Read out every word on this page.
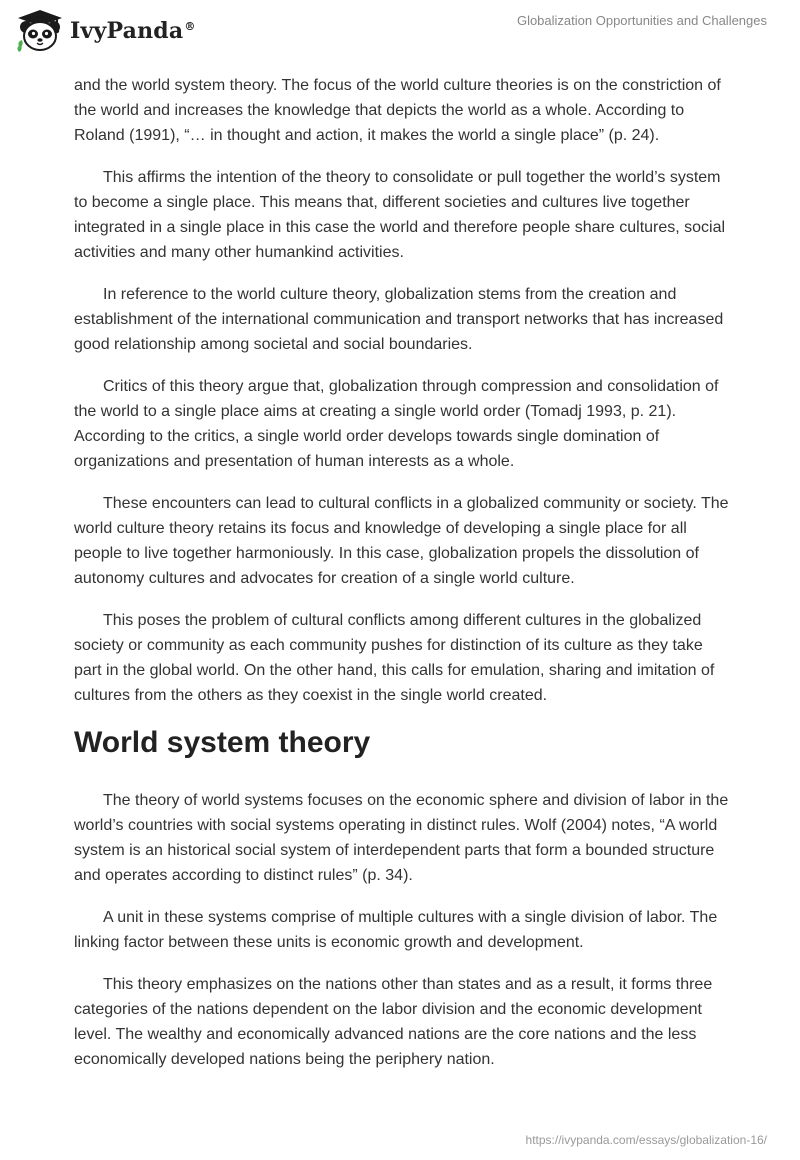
IvyPanda®	Globalization Opportunities and Challenges

and the world system theory. The focus of the world culture theories is on the constriction of the world and increases the knowledge that depicts the world as a whole. According to Roland (1991), “… in thought and action, it makes the world a single place” (p. 24).

This affirms the intention of the theory to consolidate or pull together the world’s system to become a single place. This means that, different societies and cultures live together integrated in a single place in this case the world and therefore people share cultures, social activities and many other humankind activities.

In reference to the world culture theory, globalization stems from the creation and establishment of the international communication and transport networks that has increased good relationship among societal and social boundaries.

Critics of this theory argue that, globalization through compression and consolidation of the world to a single place aims at creating a single world order (Tomadj 1993, p. 21). According to the critics, a single world order develops towards single domination of organizations and presentation of human interests as a whole.

These encounters can lead to cultural conflicts in a globalized community or society. The world culture theory retains its focus and knowledge of developing a single place for all people to live together harmoniously. In this case, globalization propels the dissolution of autonomy cultures and advocates for creation of a single world culture.

This poses the problem of cultural conflicts among different cultures in the globalized society or community as each community pushes for distinction of its culture as they take part in the global world. On the other hand, this calls for emulation, sharing and imitation of cultures from the others as they coexist in the single world created.

World system theory

The theory of world systems focuses on the economic sphere and division of labor in the world’s countries with social systems operating in distinct rules. Wolf (2004) notes, “A world system is an historical social system of interdependent parts that form a bounded structure and operates according to distinct rules” (p. 34).

A unit in these systems comprise of multiple cultures with a single division of labor. The linking factor between these units is economic growth and development.

This theory emphasizes on the nations other than states and as a result, it forms three categories of the nations dependent on the labor division and the economic development level. The wealthy and economically advanced nations are the core nations and the less economically developed nations being the periphery nation.

https://ivypanda.com/essays/globalization-16/
